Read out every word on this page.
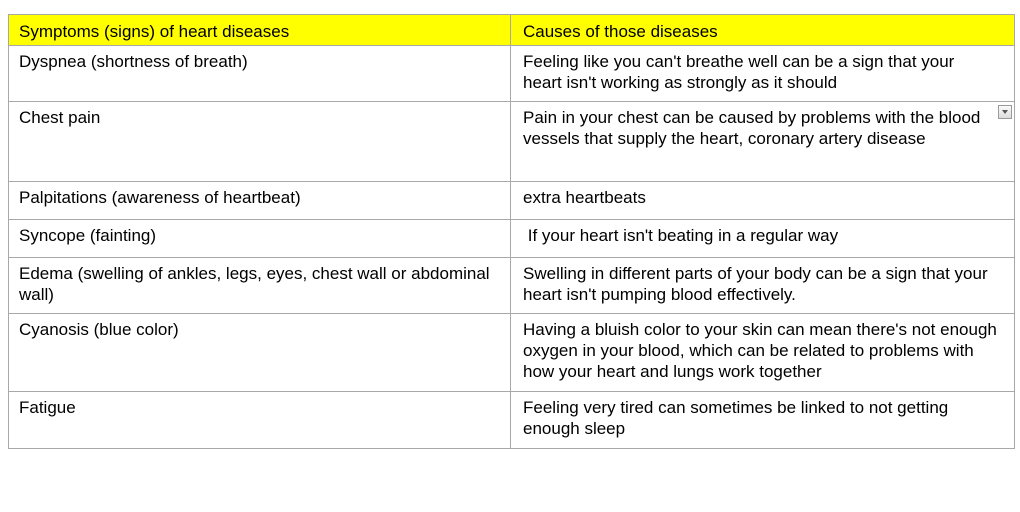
Symptoms (signs) of heart diseases	Causes of those diseases

Dyspnea (shortness of breath)	Feeling like you can't breathe well can be a sign that your heart isn't working as strongly as it should

Chest pain	Pain in your chest can be caused by problems with the blood vessels that supply the heart, coronary artery disease

Palpitations (awareness of heartbeat)	extra heartbeats

Syncope (fainting)	If your heart isn't beating in a regular way

Edema (swelling of ankles, legs, eyes, chest wall or abdominal wall)	Swelling in different parts of your body can be a sign that your heart isn't pumping blood effectively.

Cyanosis (blue color)	Having a bluish color to your skin can mean there's not enough oxygen in your blood, which can be related to problems with how your heart and lungs work together

Fatigue	Feeling very tired can sometimes be linked to not getting enough sleep
